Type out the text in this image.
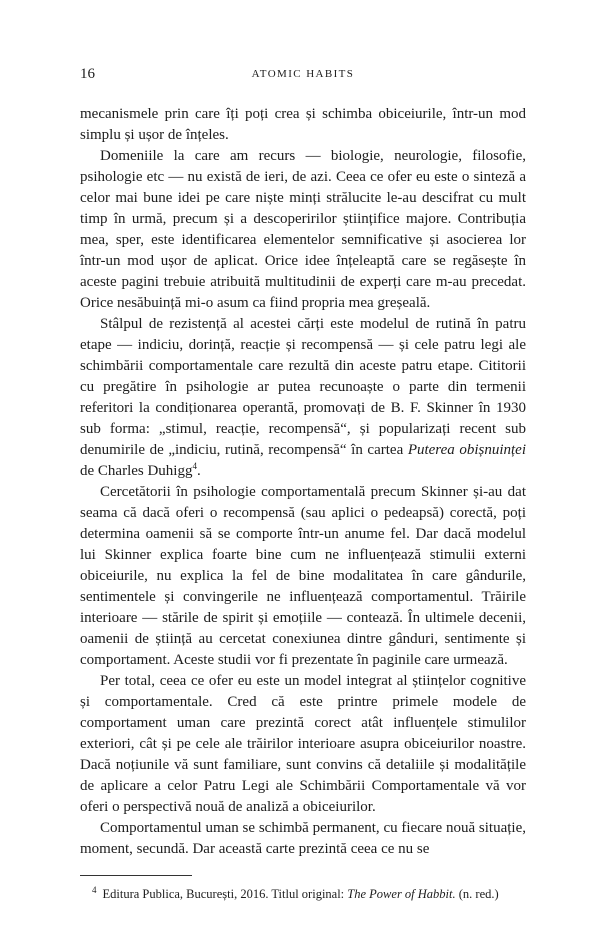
16	ATOMIC HABITS

mecanismele prin care îți poți crea și schimba obiceiurile, într-un mod simplu și ușor de înțeles.

Domeniile la care am recurs — biologie, neurologie, filosofie, psihologie etc — nu există de ieri, de azi. Ceea ce ofer eu este o sinteză a celor mai bune idei pe care niște minți strălucite le-au descifrat cu mult timp în urmă, precum și a descoperirilor științifice majore. Contribuția mea, sper, este identificarea elementelor semnificative și asocierea lor într-un mod ușor de aplicat. Orice idee înțeleaptă care se regăsește în aceste pagini trebuie atribuită multitudinii de experți care m-au precedat. Orice nesăbuință mi-o asum ca fiind propria mea greșeală.

Stâlpul de rezistență al acestei cărți este modelul de rutină în patru etape — indiciu, dorință, reacție și recompensă — și cele patru legi ale schimbării comportamentale care rezultă din aceste patru etape. Cititorii cu pregătire în psihologie ar putea recunoaște o parte din termenii referitori la condiționarea operantă, promovați de B. F. Skinner în 1930 sub forma: „stimul, reacție, recompensă“, și popularizați recent sub denumirile de „indiciu, rutină, recompensă“ în cartea Puterea obișnuinței de Charles Duhigg$^4$.

Cercetătorii în psihologie comportamentală precum Skinner și-au dat seama că dacă oferi o recompensă (sau aplici o pedeapsă) corectă, poți determina oamenii să se comporte într-un anume fel. Dar dacă modelul lui Skinner explica foarte bine cum ne influențează stimulii externi obiceiurile, nu explica la fel de bine modalitatea în care gândurile, sentimentele și convingerile ne influențează comportamentul. Trăirile interioare — stările de spirit și emoțiile — contează. În ultimele decenii, oamenii de știință au cercetat conexiunea dintre gânduri, sentimente și comportament. Aceste studii vor fi prezentate în paginile care urmează.

Per total, ceea ce ofer eu este un model integrat al științelor cognitive și comportamentale. Cred că este printre primele modele de comportament uman care prezintă corect atât influențele stimulilor exteriori, cât și pe cele ale trăirilor interioare asupra obiceiurilor noastre. Dacă noțiunile vă sunt familiare, sunt convins că detaliile și modalitățile de aplicare a celor Patru Legi ale Schimbării Comportamentale vă vor oferi o perspectivă nouă de analiză a obiceiurilor.

Comportamentul uman se schimbă permanent, cu fiecare nouă situație, moment, secundă. Dar această carte prezintă ceea ce nu se

$^4$ Editura Publica, București, 2016. Titlul original: The Power of Habbit. (n. red.)
